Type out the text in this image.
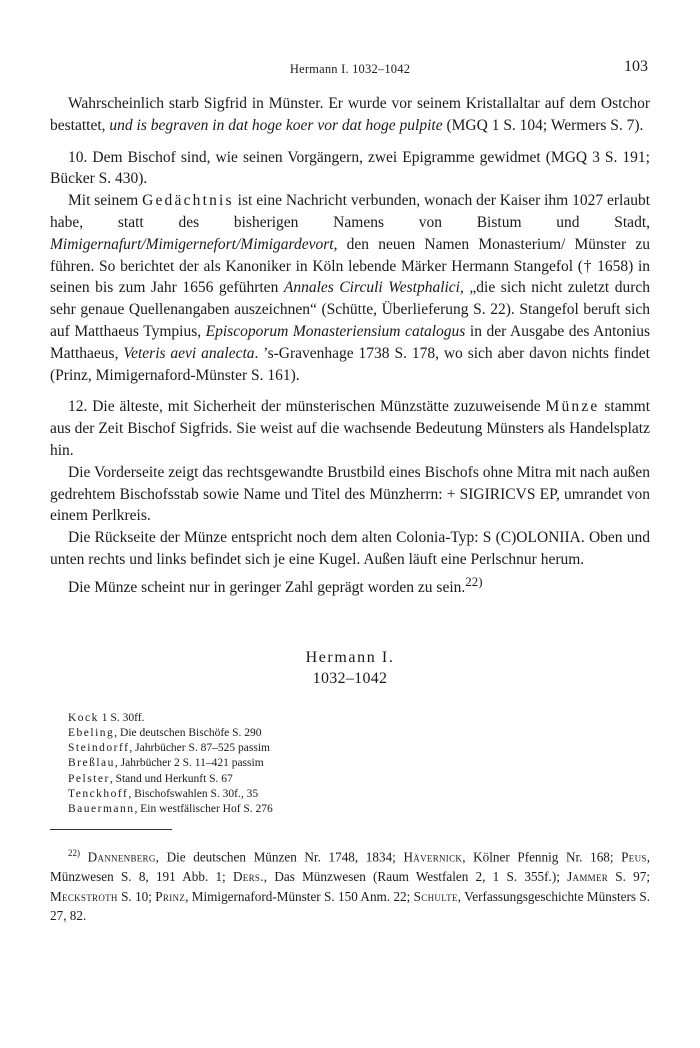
Hermann I. 1032–1042	103

Wahrscheinlich starb Sigfrid in Münster. Er wurde vor seinem Kristallaltar auf dem Ostchor bestattet, und is begraven in dat hoge koer vor dat hoge pulpite (MGQ 1 S. 104; Wermers S. 7).

10. Dem Bischof sind, wie seinen Vorgängern, zwei Epigramme gewidmet (MGQ 3 S. 191; Bücker S. 430).

Mit seinem Gedächtnis ist eine Nachricht verbunden, wonach der Kaiser ihm 1027 erlaubt habe, statt des bisherigen Namens von Bistum und Stadt, Mimigernafurt/Mimigernefort/Mimigardevort, den neuen Namen Monasterium/ Münster zu führen. So berichtet der als Kanoniker in Köln lebende Märker Hermann Stangefol († 1658) in seinen bis zum Jahr 1656 geführten Annales Circuli Westphalici, „die sich nicht zuletzt durch sehr genaue Quellenangaben auszeichnen“ (Schütte, Überlieferung S. 22). Stangefol beruft sich auf Matthaeus Tympius, Episcoporum Monasteriensium catalogus in der Ausgabe des Antonius Matthaeus, Veteris aevi analecta. ’s-Gravenhage 1738 S. 178, wo sich aber davon nichts findet (Prinz, Mimigernaford-Münster S. 161).

12. Die älteste, mit Sicherheit der münsterischen Münzstätte zuzuweisende Münze stammt aus der Zeit Bischof Sigfrids. Sie weist auf die wachsende Bedeutung Münsters als Handelsplatz hin.

Die Vorderseite zeigt das rechtsgewandte Brustbild eines Bischofs ohne Mitra mit nach außen gedrehtem Bischofsstab sowie Name und Titel des Münzherrn: + SIGIRICVS EP, umrandet von einem Perlkreis.

Die Rückseite der Münze entspricht noch dem alten Colonia-Typ: S (C)OLONIIA. Oben und unten rechts und links befindet sich je eine Kugel. Außen läuft eine Perlschnur herum.

Die Münze scheint nur in geringer Zahl geprägt worden zu sein.$^{22)}$

Hermann I.
1032–1042
Kock 1 S. 30ff.
Ebeling, Die deutschen Bischöfe S. 290
Steindorff, Jahrbücher S. 87–525 passim
Breßlau, Jahrbücher 2 S. 11–421 passim
Pelster, Stand und Herkunft S. 67
Tenckhoff, Bischofswahlen S. 30f., 35
Bauermann, Ein westfälischer Hof S. 276
$^{22)}$ Dannenberg, Die deutschen Münzen Nr. 1748, 1834; Hävernick, Kölner Pfennig Nr. 168; Peus, Münzwesen S. 8, 191 Abb. 1; Ders., Das Münzwesen (Raum Westfalen 2, 1 S. 355f.); Jammer S. 97; Meckstroth S. 10; Prinz, Mimigernaford-Münster S. 150 Anm. 22; Schulte, Verfassungsgeschichte Münsters S. 27, 82.
